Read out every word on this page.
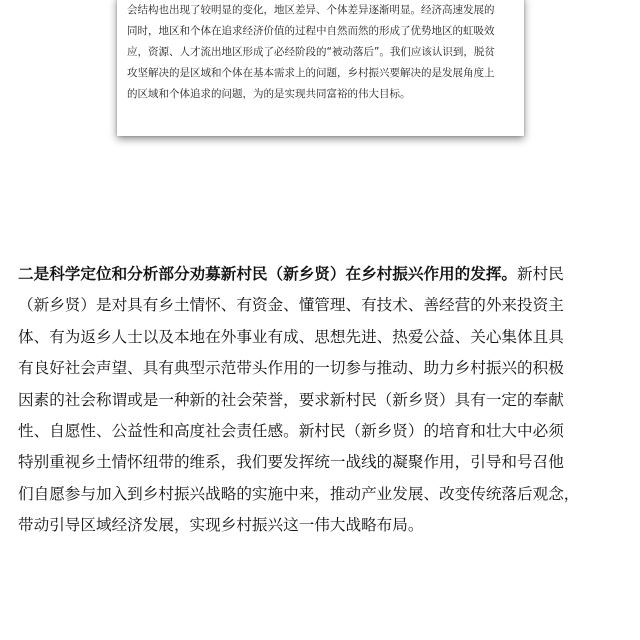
会结构也出现了较明显的变化，地区差异、个体差异逐渐明显。经济高速发展的
同时，地区和个体在追求经济价值的过程中自然而然的形成了优势地区的虹吸效
应，资源、人才流出地区形成了必经阶段的“被动落后”。我们应该认识到，脱贫
攻坚解决的是区域和个体在基本需求上的问题，乡村振兴要解决的是发展角度上
的区域和个体追求的问题，为的是实现共同富裕的伟大目标。
二是科学定位和分析部分劝募新村民（新乡贤）在乡村振兴作用的发挥。新村民
（新乡贤）是对具有乡土情怀、有资金、懂管理、有技术、善经营的外来投资主
体、有为返乡人士以及本地在外事业有成、思想先进、热爱公益、关心集体且具
有良好社会声望、具有典型示范带头作用的一切参与推动、助力乡村振兴的积极
因素的社会称谓或是一种新的社会荣誉，要求新村民（新乡贤）具有一定的奉献
性、自愿性、公益性和高度社会责任感。新村民（新乡贤）的培育和壮大中必须
特别重视乡土情怀纽带的维系，我们要发挥统一战线的凝聚作用，引导和号召他
们自愿参与加入到乡村振兴战略的实施中来，推动产业发展、改变传统落后观念，
带动引导区域经济发展，实现乡村振兴这一伟大战略布局。
